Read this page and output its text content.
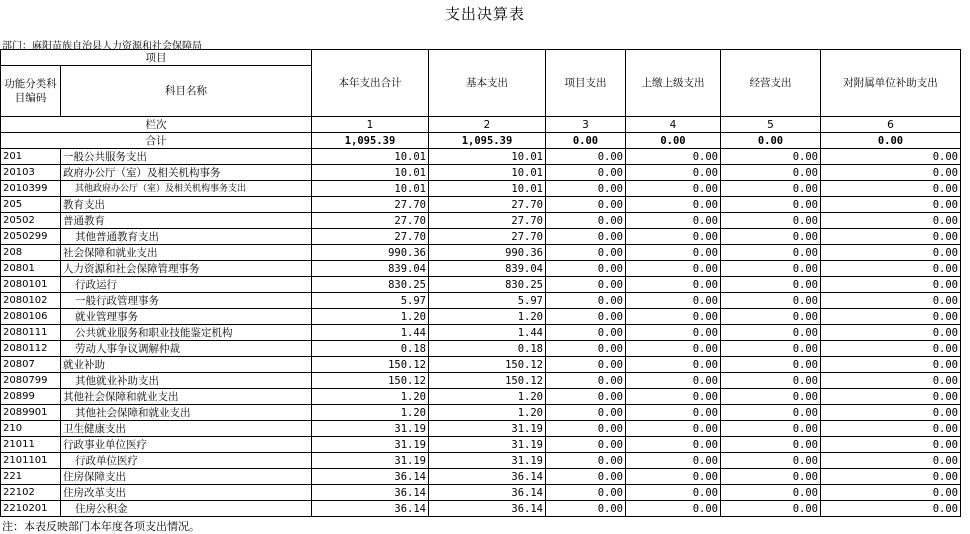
支出决算表
部门：麻阳苗族自治县人力资源和社会保障局
项目		本年支出合计	基本支出	项目支出	上缴上级支出	经营支出	对附属单位补助支出
功能分类科目编码	科目名称						
栏次		1	2	3	4	5	6
合计		1,095.39	1,095.39	0.00	0.00	0.00	0.00
201	一般公共服务支出	10.01	10.01	0.00	0.00	0.00	0.00
20103	政府办公厅（室）及相关机构事务	10.01	10.01	0.00	0.00	0.00	0.00
2010399	其他政府办公厅（室）及相关机构事务支出	10.01	10.01	0.00	0.00	0.00	0.00
205	教育支出	27.70	27.70	0.00	0.00	0.00	0.00
20502	普通教育	27.70	27.70	0.00	0.00	0.00	0.00
2050299	其他普通教育支出	27.70	27.70	0.00	0.00	0.00	0.00
208	社会保障和就业支出	990.36	990.36	0.00	0.00	0.00	0.00
20801	人力资源和社会保障管理事务	839.04	839.04	0.00	0.00	0.00	0.00
2080101	行政运行	830.25	830.25	0.00	0.00	0.00	0.00
2080102	一般行政管理事务	5.97	5.97	0.00	0.00	0.00	0.00
2080106	就业管理事务	1.20	1.20	0.00	0.00	0.00	0.00
2080111	公共就业服务和职业技能鉴定机构	1.44	1.44	0.00	0.00	0.00	0.00
2080112	劳动人事争议调解仲裁	0.18	0.18	0.00	0.00	0.00	0.00
20807	就业补助	150.12	150.12	0.00	0.00	0.00	0.00
2080799	其他就业补助支出	150.12	150.12	0.00	0.00	0.00	0.00
20899	其他社会保障和就业支出	1.20	1.20	0.00	0.00	0.00	0.00
2089901	其他社会保障和就业支出	1.20	1.20	0.00	0.00	0.00	0.00
210	卫生健康支出	31.19	31.19	0.00	0.00	0.00	0.00
21011	行政事业单位医疗	31.19	31.19	0.00	0.00	0.00	0.00
2101101	行政单位医疗	31.19	31.19	0.00	0.00	0.00	0.00
221	住房保障支出	36.14	36.14	0.00	0.00	0.00	0.00
22102	住房改革支出	36.14	36.14	0.00	0.00	0.00	0.00
2210201	住房公积金	36.14	36.14	0.00	0.00	0.00	0.00
注：本表反映部门本年度各项支出情况。
